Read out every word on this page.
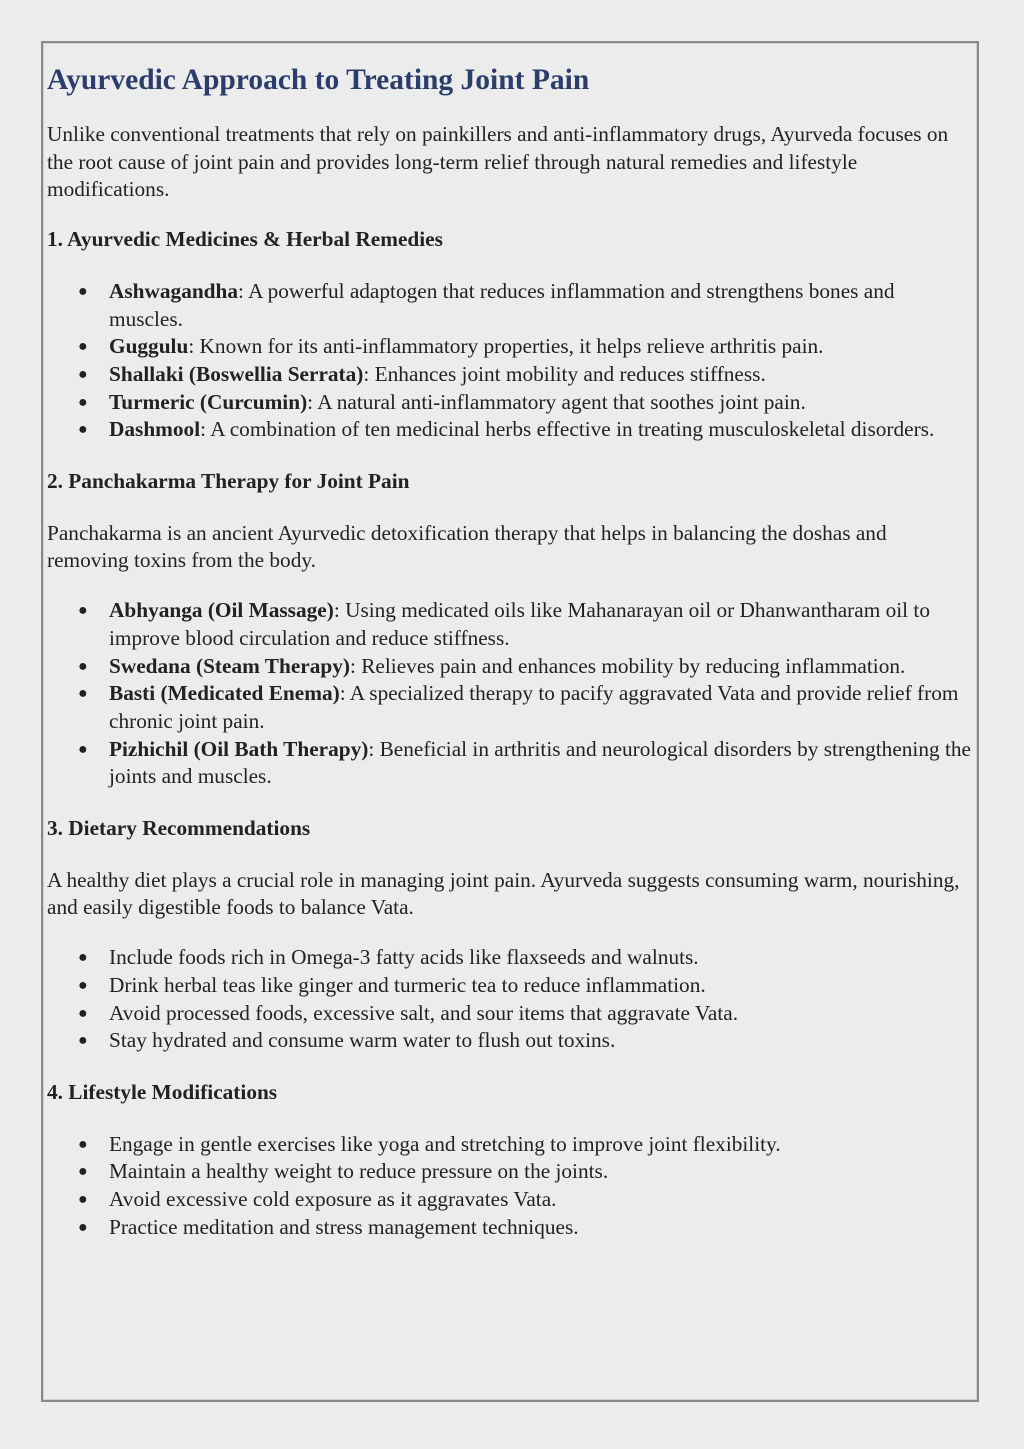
Ayurvedic Approach to Treating Joint Pain

Unlike conventional treatments that rely on painkillers and anti-inflammatory drugs, Ayurveda focuses on the root cause of joint pain and provides long-term relief through natural remedies and lifestyle modifications.

1. Ayurvedic Medicines & Herbal Remedies
● Ashwagandha: A powerful adaptogen that reduces inflammation and strengthens bones and muscles.
● Guggulu: Known for its anti-inflammatory properties, it helps relieve arthritis pain.
● Shallaki (Boswellia Serrata): Enhances joint mobility and reduces stiffness.
● Turmeric (Curcumin): A natural anti-inflammatory agent that soothes joint pain.
● Dashmool: A combination of ten medicinal herbs effective in treating musculoskeletal disorders.
2. Panchakarma Therapy for Joint Pain

Panchakarma is an ancient Ayurvedic detoxification therapy that helps in balancing the doshas and removing toxins from the body.

● Abhyanga (Oil Massage): Using medicated oils like Mahanarayan oil or Dhanwantharam oil to improve blood circulation and reduce stiffness.
● Swedana (Steam Therapy): Relieves pain and enhances mobility by reducing inflammation.
● Basti (Medicated Enema): A specialized therapy to pacify aggravated Vata and provide relief from chronic joint pain.
● Pizhichil (Oil Bath Therapy): Beneficial in arthritis and neurological disorders by strengthening the joints and muscles.
3. Dietary Recommendations

A healthy diet plays a crucial role in managing joint pain. Ayurveda suggests consuming warm, nourishing, and easily digestible foods to balance Vata.

● Include foods rich in Omega-3 fatty acids like flaxseeds and walnuts.
● Drink herbal teas like ginger and turmeric tea to reduce inflammation.
● Avoid processed foods, excessive salt, and sour items that aggravate Vata.
● Stay hydrated and consume warm water to flush out toxins.
4. Lifestyle Modifications
● Engage in gentle exercises like yoga and stretching to improve joint flexibility.
● Maintain a healthy weight to reduce pressure on the joints.
● Avoid excessive cold exposure as it aggravates Vata.
● Practice meditation and stress management techniques.
